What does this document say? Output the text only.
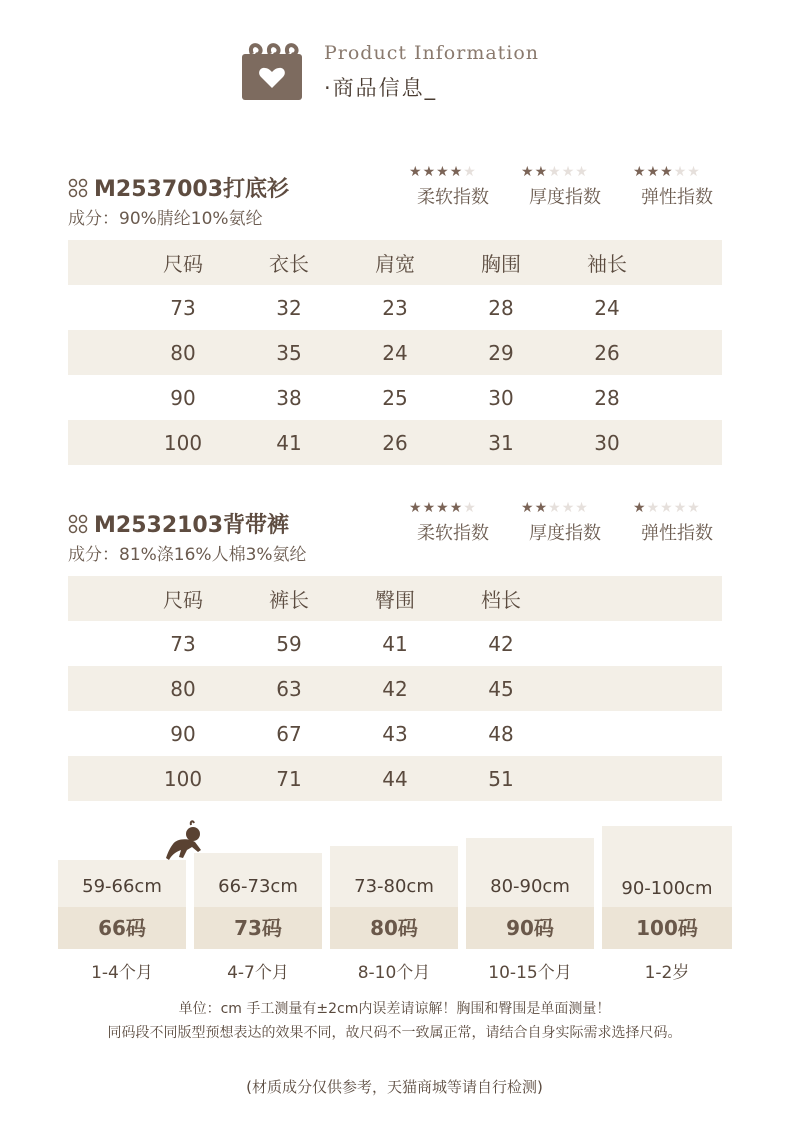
Product Information
·商品信息_
M2537003打底衫
成分：90%腈纶10%氨纶
★ ★ ★ ★ ★
柔软指数
★ ★ ★ ★ ★
厚度指数
★ ★ ★ ★ ★
弹性指数
尺码	衣长	肩宽	胸围	袖长
73	32	23	28	24
80	35	24	29	26
90	38	25	30	28
100	41	26	31	30
M2532103背带裤
成分：81%涤16%人棉3%氨纶
★ ★ ★ ★ ★
柔软指数
★ ★ ★ ★ ★
厚度指数
★ ★ ★ ★ ★
弹性指数
尺码	裤长	臀围	档长
73	59	41	42
80	63	42	45
90	67	43	48
100	71	44	51
59-66cm
66码
66-73cm
73码
73-80cm
80码
80-90cm
90码
90-100cm
100码
1-4个月	4-7个月	8-10个月	10-15个月	1-2岁
单位：cm 手工测量有±2cm内误差请谅解！胸围和臀围是单面测量！
同码段不同版型预想表达的效果不同，故尺码不一致属正常，请结合自身实际需求选择尺码。
(材质成分仅供参考，天猫商城等请自行检测)
